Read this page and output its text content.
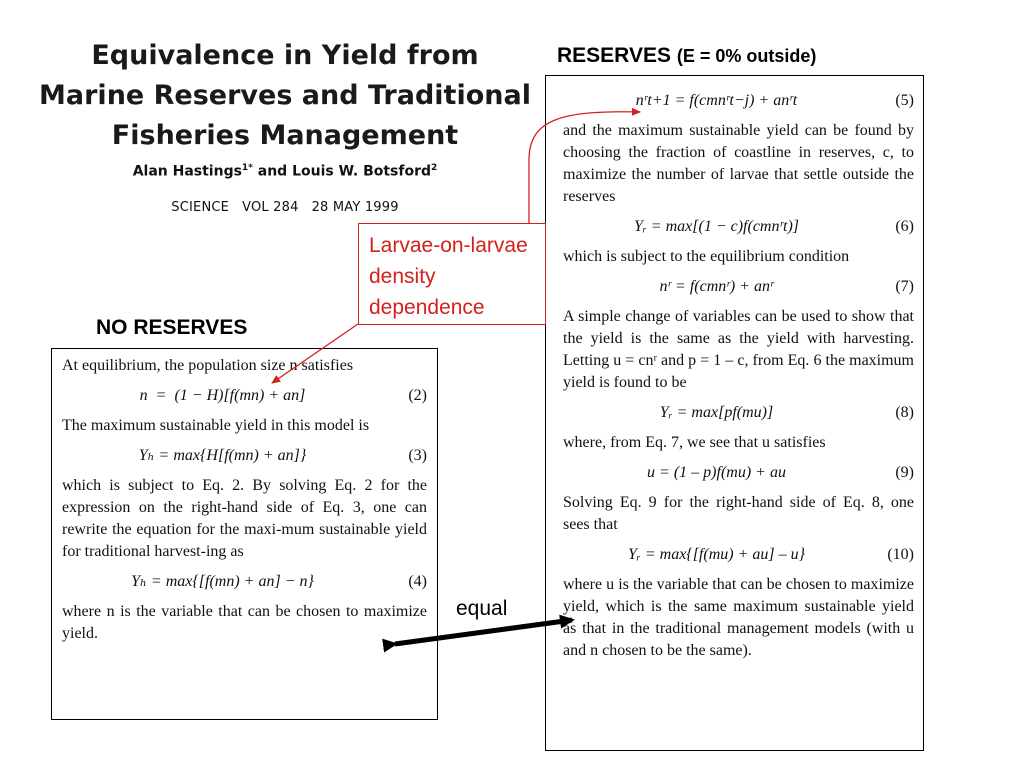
Equivalence in Yield from
Marine Reserves and Traditional
Fisheries Management
Alan Hastings$^{1*}$ and Louis W. Botsford$^2$
SCIENCE   VOL 284   28 MAY 1999
RESERVES (E = 0% outside)
NO RESERVES
nʳt+1 = f(cmnʳt−j) + anʳt	(5)

and the maximum sustainable yield can be found by choosing the fraction of coastline in reserves, c, to maximize the number of larvae that settle outside the reserves

Yᵣ = max[(1 − c)f(cmnʳt)]	(6)

which is subject to the equilibrium condition

nʳ = f(cmnʳ) + anʳ	(7)

A simple change of variables can be used to show that the yield is the same as the yield with harvesting. Letting u = cnʳ and p = 1 – c, from Eq. 6 the maximum yield is found to be

Yᵣ = max[pf(mu)]	(8)

where, from Eq. 7, we see that u satisfies

u = (1 – p)f(mu) + au	(9)

Solving Eq. 9 for the right-hand side of Eq. 8, one sees that

Yᵣ = max{[f(mu) + au] – u}	(10)

where u is the variable that can be chosen to maximize yield, which is the same maximum sustainable yield as that in the traditional management models (with u and n chosen to be the same).

At equilibrium, the population size n satisfies

n  =  (1 − H)[f(mn) + an]	(2)

The maximum sustainable yield in this model is

Yₕ = max{H[f(mn) + an]}	(3)

which is subject to Eq. 2. By solving Eq. 2 for the expression on the right-hand side of Eq. 3, one can rewrite the equation for the maxi-mum sustainable yield for traditional harvest-ing as

Yₕ = max{[f(mn) + an] − n}	(4)

where n is the variable that can be chosen to maximize yield.

Larvae-on-larvae density dependence
equal
